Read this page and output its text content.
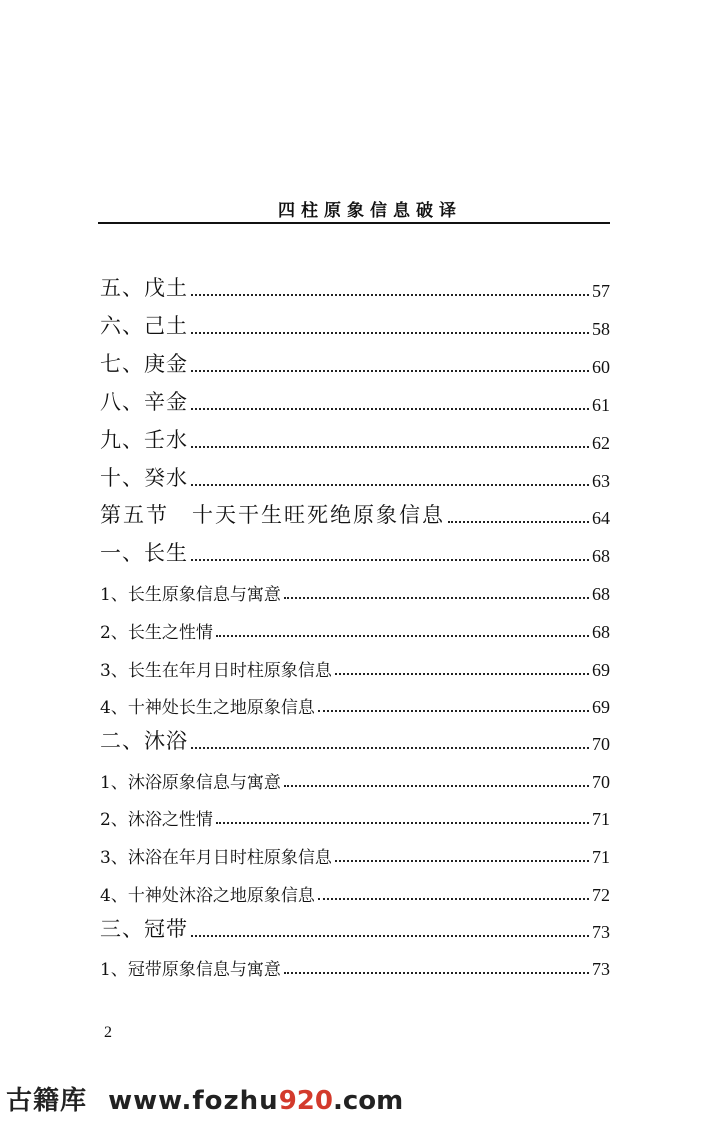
四柱原象信息破译
五、戊土	57
六、己土	58
七、庚金	60
八、辛金	61
九、壬水	62
十、癸水	63
第五节　十天干生旺死绝原象信息	64
一、长生	68
1、长生原象信息与寓意	68
2、长生之性情	68
3、长生在年月日时柱原象信息	69
4、十神处长生之地原象信息	69
二、沐浴	70
1、沐浴原象信息与寓意	70
2、沐浴之性情	71
3、沐浴在年月日时柱原象信息	71
4、十神处沐浴之地原象信息	72
三、冠带	73
1、冠带原象信息与寓意	73
2
古籍库 www.fozhu920.com
